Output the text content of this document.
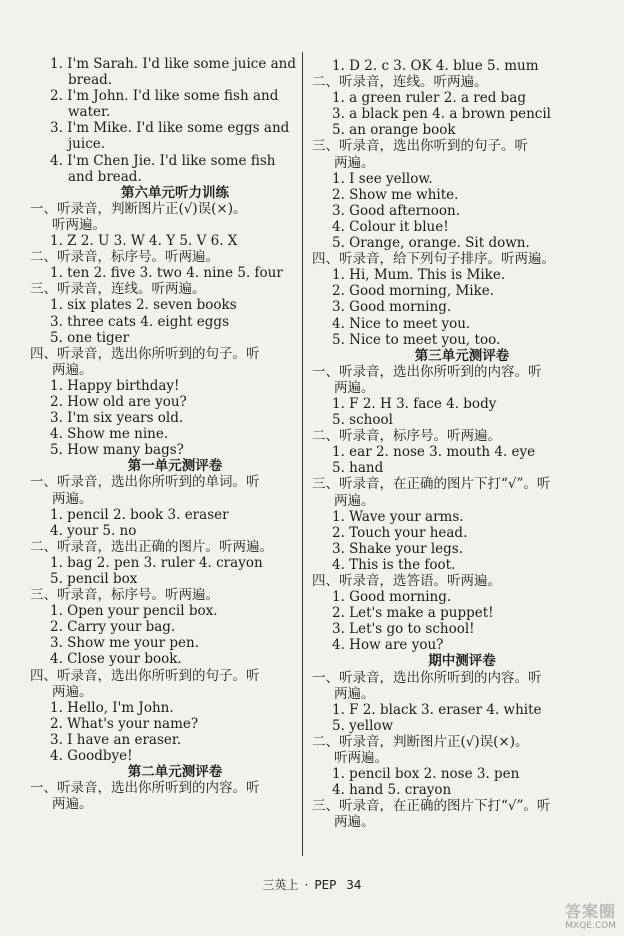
1. I'm Sarah. I'd like some juice and
bread.
2. I'm John. I'd like some fish and
water.
3. I'm Mike. I'd like some eggs and
juice.
4. I'm Chen Jie. I'd like some fish
and bread.
第六单元听力训练
一、听录音，判断图片正(√)误(×)。
听两遍。
1. Z 2. U 3. W 4. Y 5. V 6. X
二、听录音，标序号。听两遍。
1. ten 2. five 3. two 4. nine 5. four
三、听录音，连线。听两遍。
1. six plates 2. seven books
3. three cats 4. eight eggs
5. one tiger
四、听录音，选出你所听到的句子。听
两遍。
1. Happy birthday!
2. How old are you?
3. I'm six years old.
4. Show me nine.
5. How many bags?
第一单元测评卷
一、听录音，选出你所听到的单词。听
两遍。
1. pencil 2. book 3. eraser
4. your 5. no
二、听录音，选出正确的图片。听两遍。
1. bag 2. pen 3. ruler 4. crayon
5. pencil box
三、听录音，标序号。听两遍。
1. Open your pencil box.
2. Carry your bag.
3. Show me your pen.
4. Close your book.
四、听录音，选出你所听到的句子。听
两遍。
1. Hello, I'm John.
2. What's your name?
3. I have an eraser.
4. Goodbye!
第二单元测评卷
一、听录音，选出你所听到的内容。听
两遍。
1. D 2. c 3. OK 4. blue 5. mum
二、听录音，连线。听两遍。
1. a green ruler 2. a red bag
3. a black pen 4. a brown pencil
5. an orange book
三、听录音，选出你听到的句子。听
两遍。
1. I see yellow.
2. Show me white.
3. Good afternoon.
4. Colour it blue!
5. Orange, orange. Sit down.
四、听录音，给下列句子排序。听两遍。
1. Hi, Mum. This is Mike.
2. Good morning, Mike.
3. Good morning.
4. Nice to meet you.
5. Nice to meet you, too.
第三单元测评卷
一、听录音，选出你所听到的内容。听
两遍。
1. F 2. H 3. face 4. body
5. school
二、听录音，标序号。听两遍。
1. ear 2. nose 3. mouth 4. eye
5. hand
三、听录音，在正确的图片下打“√”。听
两遍。
1. Wave your arms.
2. Touch your head.
3. Shake your legs.
4. This is the foot.
四、听录音，选答语。听两遍。
1. Good morning.
2. Let's make a puppet!
3. Let's go to school!
4. How are you?
期中测评卷
一、听录音，选出你所听到的内容。听
两遍。
1. F 2. black 3. eraser 4. white
5. yellow
二、听录音，判断图片正(√)误(×)。
听两遍。
1. pencil box 2. nose 3. pen
4. hand 5. crayon
三、听录音，在正确的图片下打“√”。听
两遍。
三英上 · PEP 34
答案圈
MXQE.COM
